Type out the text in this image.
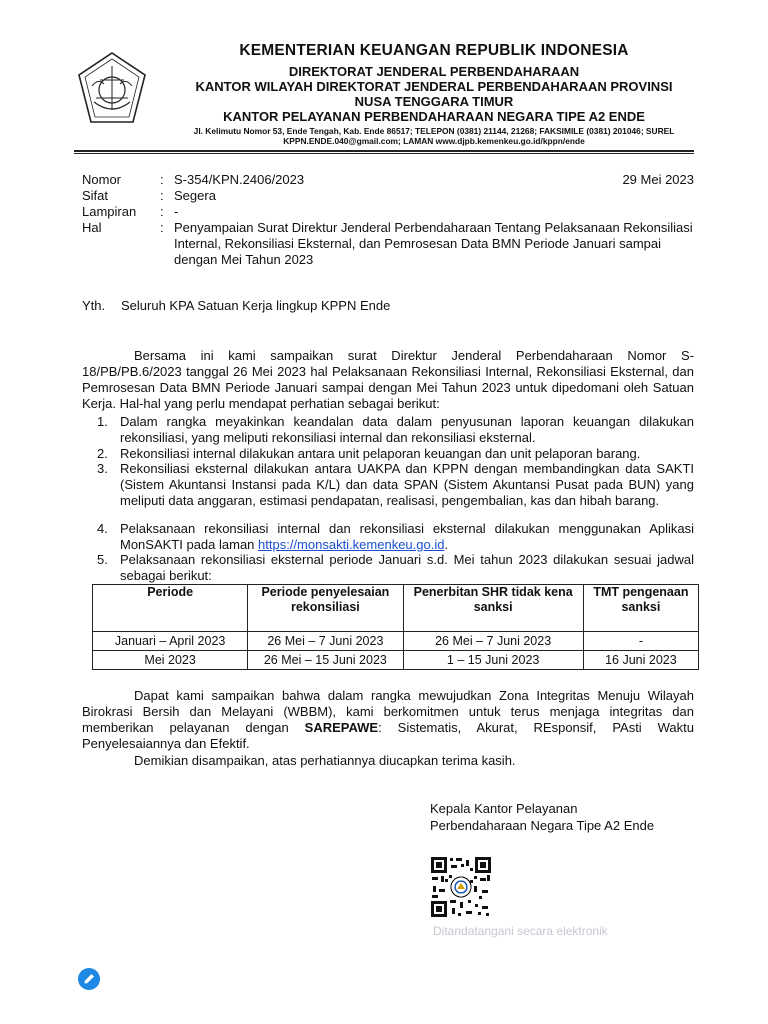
KEMENTERIAN KEUANGAN REPUBLIK INDONESIA
DIREKTORAT JENDERAL PERBENDAHARAAN
KANTOR WILAYAH DIREKTORAT JENDERAL PERBENDAHARAAN PROVINSI
NUSA TENGGARA TIMUR
KANTOR PELAYANAN PERBENDAHARAAN NEGARA TIPE A2 ENDE
Jl. Kelimutu Nomor 53, Ende Tengah, Kab. Ende 86517; TELEPON (0381) 21144, 21268; FAKSIMILE (0381) 201046; SUREL
KPPN.ENDE.040@gmail.com; LAMAN www.djpb.kemenkeu.go.id/kppn/ende
Nomor	: S-354/KPN.2406/2023	29 Mei 2023
Sifat	: Segera
Lampiran : -
Hal	: Penyampaian Surat Direktur Jenderal Perbendaharaan Tentang Pelaksanaan Rekonsiliasi Internal, Rekonsiliasi Eksternal, dan Pemrosesan Data BMN Periode Januari sampai dengan Mei Tahun 2023
Yth. Seluruh KPA Satuan Kerja lingkup KPPN Ende
Bersama ini kami sampaikan surat Direktur Jenderal Perbendaharaan Nomor S-18/PB/PB.6/2023 tanggal 26 Mei 2023 hal Pelaksanaan Rekonsiliasi Internal, Rekonsiliasi Eksternal, dan Pemrosesan Data BMN Periode Januari sampai dengan Mei Tahun 2023 untuk dipedomani oleh Satuan Kerja. Hal-hal yang perlu mendapat perhatian sebagai berikut:
1. Dalam rangka meyakinkan keandalan data dalam penyusunan laporan keuangan dilakukan rekonsiliasi, yang meliputi rekonsiliasi internal dan rekonsiliasi eksternal.
2. Rekonsiliasi internal dilakukan antara unit pelaporan keuangan dan unit pelaporan barang.
3. Rekonsiliasi eksternal dilakukan antara UAKPA dan KPPN dengan membandingkan data SAKTI (Sistem Akuntansi Instansi pada K/L) dan data SPAN (Sistem Akuntansi Pusat pada BUN) yang meliputi data anggaran, estimasi pendapatan, realisasi, pengembalian, kas dan hibah barang.
4. Pelaksanaan rekonsiliasi internal dan rekonsiliasi eksternal dilakukan menggunakan Aplikasi MonSAKTI pada laman https://monsakti.kemenkeu.go.id.
5. Pelaksanaan rekonsiliasi eksternal periode Januari s.d. Mei tahun 2023 dilakukan sesuai jadwal sebagai berikut:
Periode	Periode penyelesaian rekonsiliasi	Penerbitan SHR tidak kena sanksi	TMT pengenaan sanksi
Januari – April 2023	26 Mei – 7 Juni 2023	26 Mei – 7 Juni 2023	-
Mei 2023	26 Mei – 15 Juni 2023	1 – 15 Juni 2023	16 Juni 2023
Dapat kami sampaikan bahwa dalam rangka mewujudkan Zona Integritas Menuju Wilayah Birokrasi Bersih dan Melayani (WBBM), kami berkomitmen untuk terus menjaga integritas dan memberikan pelayanan dengan SAREPAWE: Sistematis, Akurat, REsponsif, PAsti Waktu Penyelesaiannya dan Efektif.
Demikian disampaikan, atas perhatiannya diucapkan terima kasih.
Kepala Kantor Pelayanan
Perbendaharaan Negara Tipe A2 Ende
Ditandatangani secara elektronik
